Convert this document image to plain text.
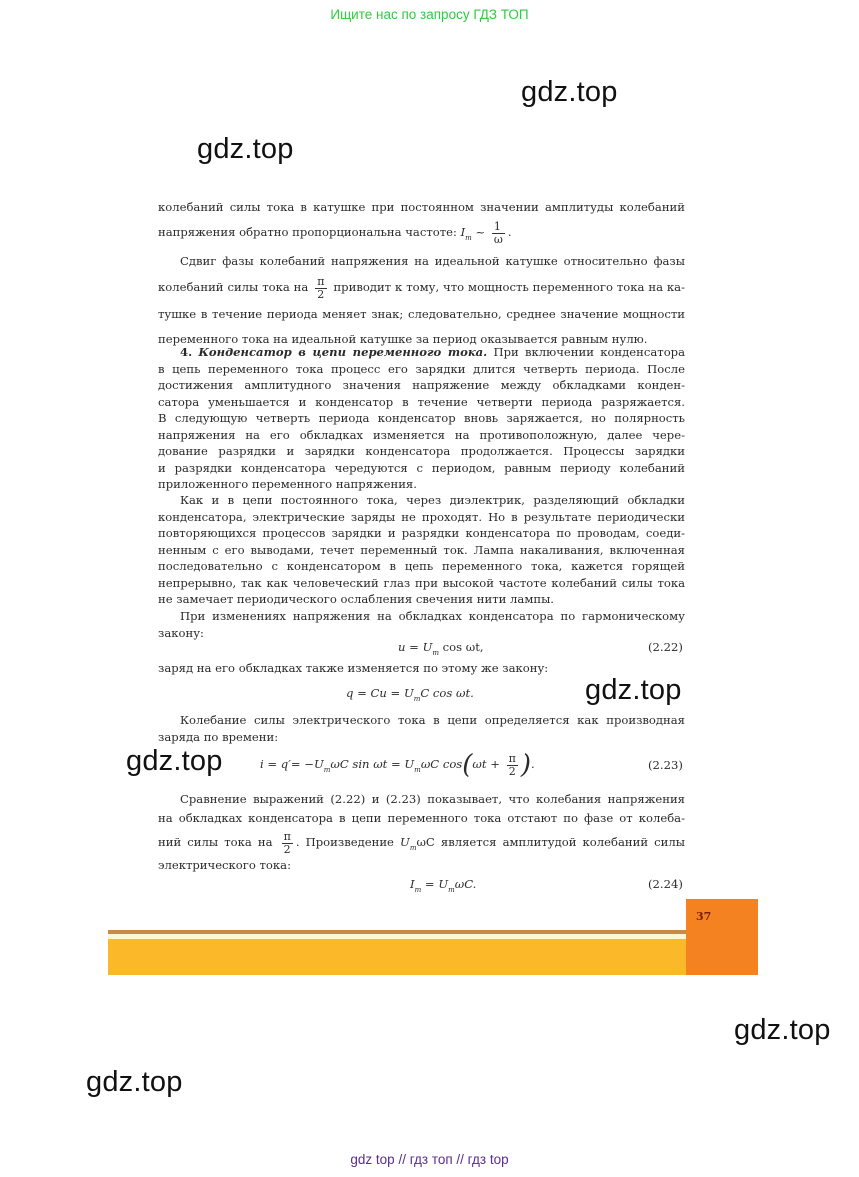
Ищите нас по запросу ГДЗ ТОП
gdz.top
gdz.top
колебаний силы тока в катушке при постоянном значении амплитуды колебаний
напряжения обратно пропорциональна частоте: $I_m$ ~ $\frac{1}{\omega}$ .
Сдвиг фазы колебаний напряжения на идеальной катушке относительно фазы
колебаний силы тока на $\frac{\pi}{2}$ приводит к тому, что мощность переменного тока на ка-
тушке в течение периода меняет знак; следовательно, среднее значение мощности
переменного тока на идеальной катушке за период оказывается равным нулю.
4. Конденсатор в цепи переменного тока. При включении конденсатора
в цепь переменного тока процесс его зарядки длится четверть периода. После
достижения амплитудного значения напряжение между обкладками конден-
сатора уменьшается и конденсатор в течение четверти периода разряжается.
В следующую четверть периода конденсатор вновь заряжается, но полярность
напряжения на его обкладках изменяется на противоположную, далее чере-
дование разрядки и зарядки конденсатора продолжается. Процессы зарядки
и разрядки конденсатора чередуются с периодом, равным периоду колебаний
приложенного переменного напряжения.
Как и в цепи постоянного тока, через диэлектрик, разделяющий обкладки
конденсатора, электрические заряды не проходят. Но в результате периодически
повторяющихся процессов зарядки и разрядки конденсатора по проводам, соеди-
ненным с его выводами, течет переменный ток. Лампа накаливания, включенная
последовательно с конденсатором в цепь переменного тока, кажется горящей
непрерывно, так как человеческий глаз при высокой частоте колебаний силы тока
не замечает периодического ослабления свечения нити лампы.
При изменениях напряжения на обкладках конденсатора по гармоническому
закону:
$u = U_m$ cos ωt,	(2.22)
заряд на его обкладках также изменяется по этому же закону:
$q = Cu = U_mC$ cos ωt.	gdz.top
Колебание силы электрического тока в цепи определяется как производная
заряда по времени:
gdz.top	$i = q'= -U_m\omega C$ $\sin \omega t = U_m\omega C$ $\cos(\omega t + \frac{\pi}{2}$ ).	(2.23)
Сравнение выражений (2.22) и (2.23) показывает, что колебания напряжения
на обкладках конденсатора в цепи переменного тока отстают по фазе от колеба-
ний силы тока на $\frac{\pi}{2}$ . Произведение $U_m\omega C$ является амплитудой колебаний силы
электрического тока:
$I_m = U_m\omega C$.	(2.24)
37
gdz.top
gdz.top
gdz top // гдз топ // гдз top
